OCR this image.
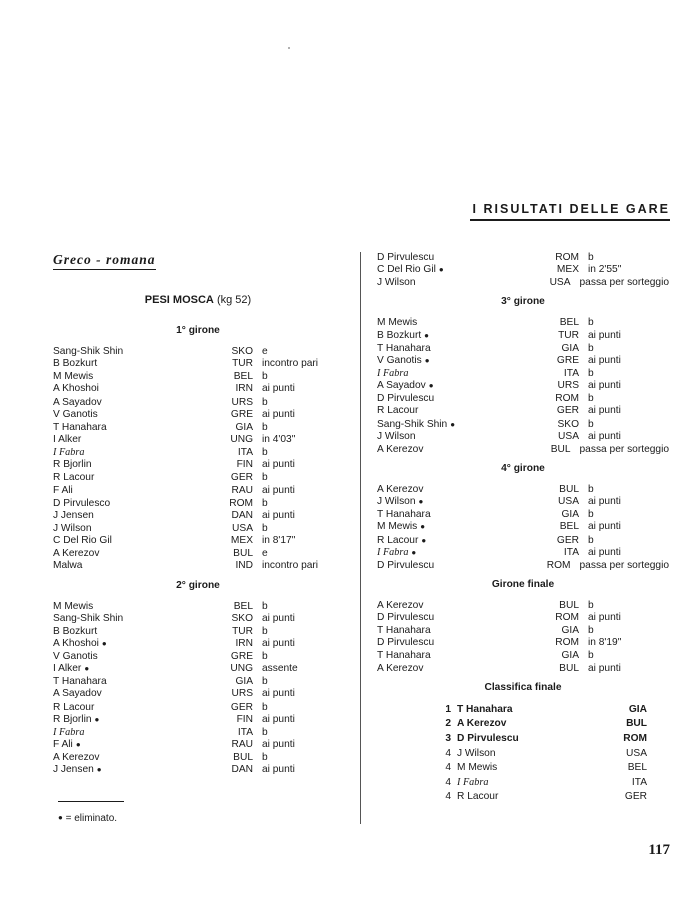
I RISULTATI DELLE GARE
Greco - romana
PESI MOSCA (kg 52)
1° girone
Sang-Shik Shin	SKO e
B Bozkurt	TUR incontro pari
M Mewis	BEL b
A Khoshoi	IRN ai punti
A Sayadov	URS b
V Ganotis	GRE ai punti
T Hanahara	GIA b
I Alker	UNG in 4'03"
I Fabra	ITA b
R Bjorlin	FIN ai punti
R Lacour	GER b
F Ali	RAU ai punti
D Pirvulesco	ROM b
J Jensen	DAN ai punti
J Wilson	USA b
C Del Rio Gil	MEX in 8'17"
A Kerezov	BUL e
Malwa	IND incontro pari
2° girone
M Mewis	BEL b
Sang-Shik Shin	SKO ai punti
B Bozkurt	TUR b
A Khoshoi ●	IRN ai punti
V Ganotis	GRE b
I Alker ●	UNG assente
T Hanahara	GIA b
A Sayadov	URS ai punti
R Lacour	GER b
R Bjorlin ●	FIN ai punti
I Fabra	ITA b
F Ali ●	RAU ai punti
A Kerezov	BUL b
J Jensen ●	DAN ai punti
D Pirvulescu	ROM b
C Del Rio Gil ●	MEX in 2'55"
J Wilson	USA passa per sorteggio
3° girone
M Mewis	BEL b
B Bozkurt ●	TUR ai punti
T Hanahara	GIA b
V Ganotis ●	GRE ai punti
I Fabra	ITA b
A Sayadov ●	URS ai punti
D Pirvulescu	ROM b
R Lacour	GER ai punti
Sang-Shik Shin ●	SKO b
J Wilson	USA ai punti
A Kerezov	BUL passa per sorteggio
4° girone
A Kerezov	BUL b
J Wilson ●	USA ai punti
T Hanahara	GIA b
M Mewis ●	BEL ai punti
R Lacour ●	GER b
I Fabra ●	ITA ai punti
D Pirvulescu	ROM passa per sorteggio
Girone finale
A Kerezov	BUL b
D Pirvulescu	ROM ai punti
T Hanahara	GIA b
D Pirvulescu	ROM in 8'19"
T Hanahara	GIA b
A Kerezov	BUL ai punti
Classifica finale
1 T Hanahara	GIA
2 A Kerezov	BUL
3 D Pirvulescu	ROM
4 J Wilson	USA
4 M Mewis	BEL
4 I Fabra	ITA
4 R Lacour	GER
● = eliminato.
117
